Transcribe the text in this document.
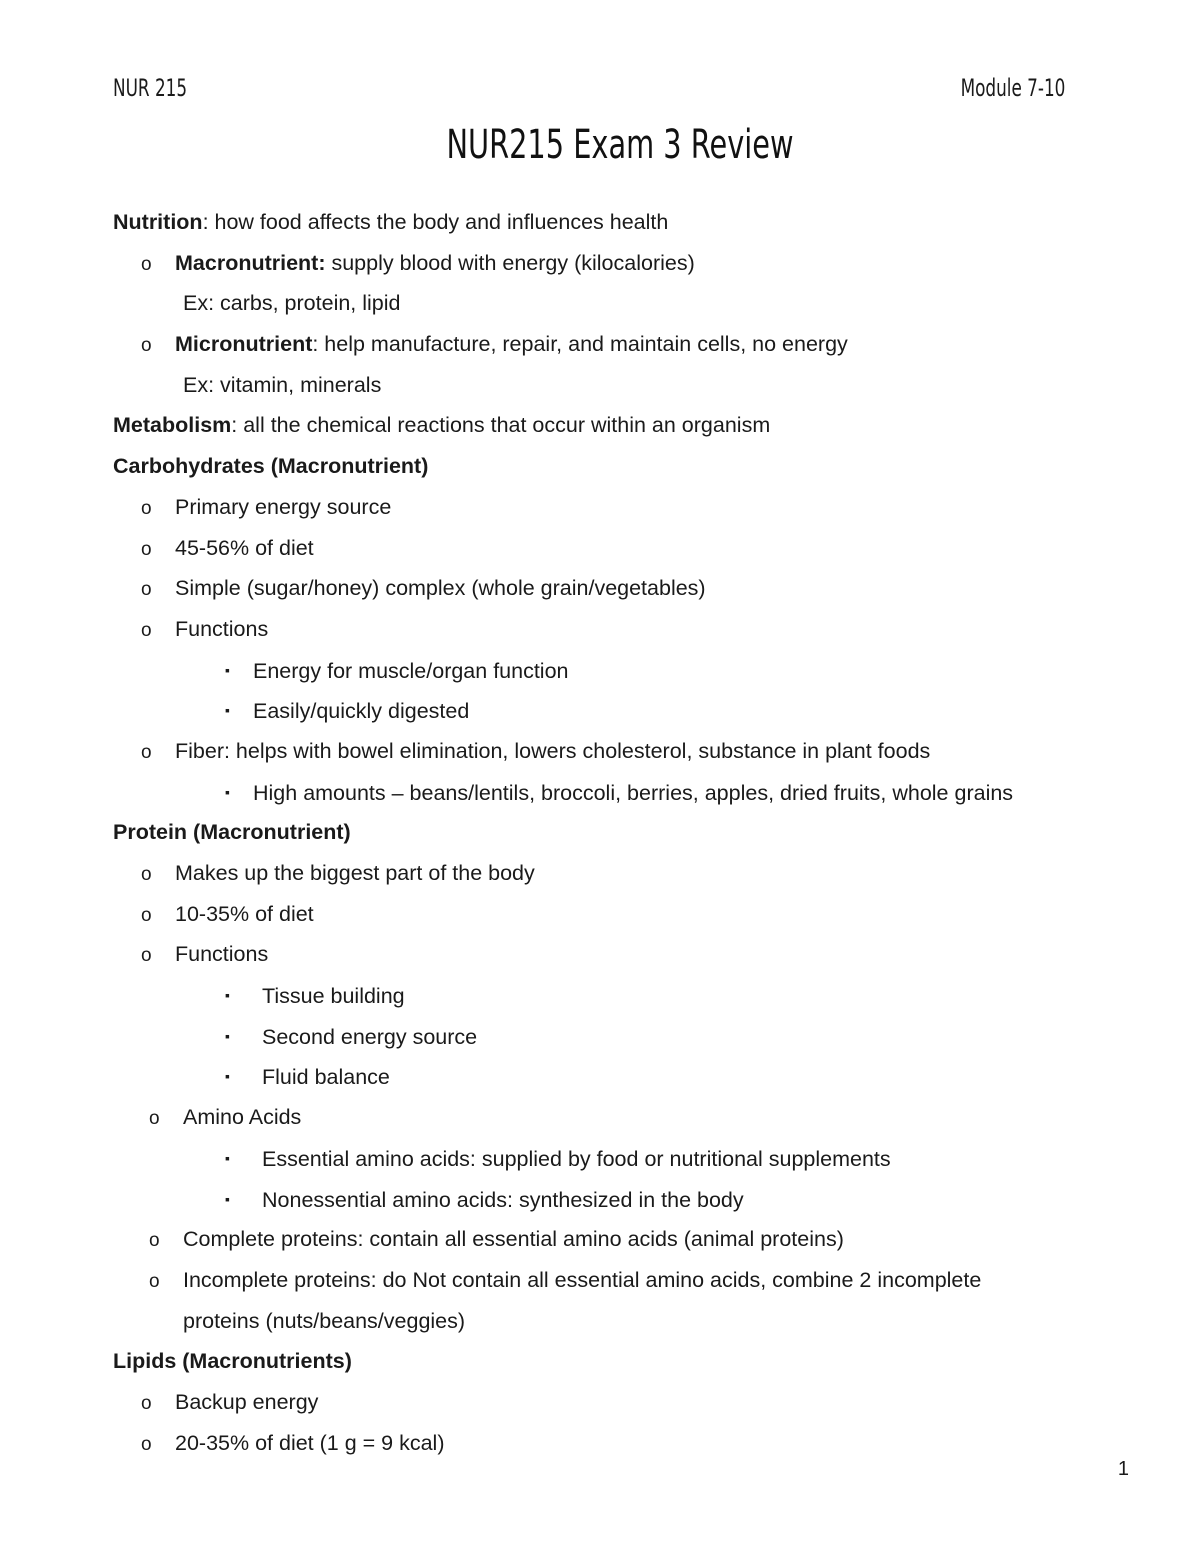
NUR 215	Module 7-10
NUR215 Exam 3 Review
Nutrition: how food affects the body and influences health
o Macronutrient: supply blood with energy (kilocalories)
Ex: carbs, protein, lipid
o Micronutrient: help manufacture, repair, and maintain cells, no energy
Ex: vitamin, minerals
Metabolism: all the chemical reactions that occur within an organism
Carbohydrates (Macronutrient)
o Primary energy source
o 45-56% of diet
o Simple (sugar/honey) complex (whole grain/vegetables)
o Functions
▪ Energy for muscle/organ function
▪ Easily/quickly digested
o Fiber: helps with bowel elimination, lowers cholesterol, substance in plant foods
▪ High amounts – beans/lentils, broccoli, berries, apples, dried fruits, whole grains
Protein (Macronutrient)
o Makes up the biggest part of the body
o 10-35% of diet
o Functions
▪ Tissue building
▪ Second energy source
▪ Fluid balance
o Amino Acids
▪ Essential amino acids: supplied by food or nutritional supplements
▪ Nonessential amino acids: synthesized in the body
o Complete proteins: contain all essential amino acids (animal proteins)
o Incomplete proteins: do Not contain all essential amino acids, combine 2 incomplete
proteins (nuts/beans/veggies)
Lipids (Macronutrients)
o Backup energy
o 20-35% of diet (1 g = 9 kcal)
1
